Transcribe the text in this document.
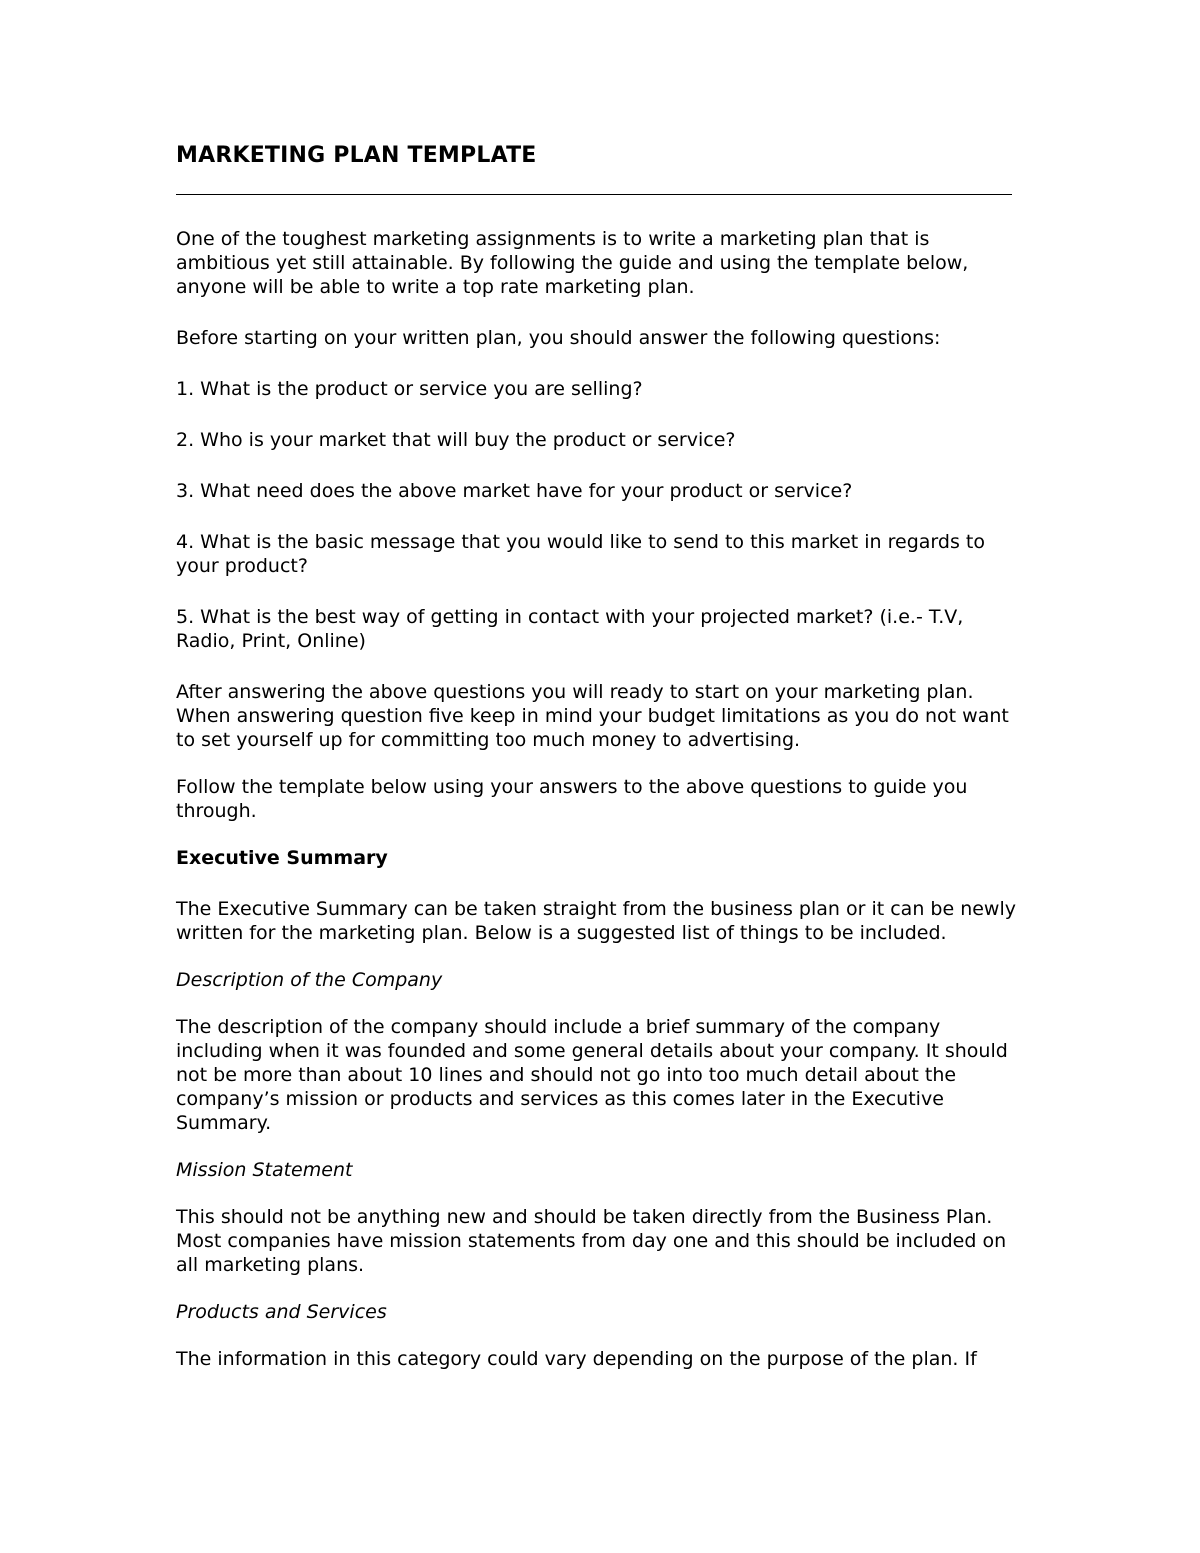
MARKETING PLAN TEMPLATE

One of the toughest marketing assignments is to write a marketing plan that is ambitious yet still attainable. By following the guide and using the template below, anyone will be able to write a top rate marketing plan.

Before starting on your written plan, you should answer the following questions:

1. What is the product or service you are selling?

2. Who is your market that will buy the product or service?

3. What need does the above market have for your product or service?

4. What is the basic message that you would like to send to this market in regards to your product?

5. What is the best way of getting in contact with your projected market? (i.e.- T.V, Radio, Print, Online)

After answering the above questions you will ready to start on your marketing plan. When answering question five keep in mind your budget limitations as you do not want to set yourself up for committing too much money to advertising.

Follow the template below using your answers to the above questions to guide you through.

Executive Summary

The Executive Summary can be taken straight from the business plan or it can be newly written for the marketing plan. Below is a suggested list of things to be included.

Description of the Company

The description of the company should include a brief summary of the company including when it was founded and some general details about your company. It should not be more than about 10 lines and should not go into too much detail about the company’s mission or products and services as this comes later in the Executive Summary.

Mission Statement

This should not be anything new and should be taken directly from the Business Plan. Most companies have mission statements from day one and this should be included on all marketing plans.

Products and Services

The information in this category could vary depending on the purpose of the plan. If
